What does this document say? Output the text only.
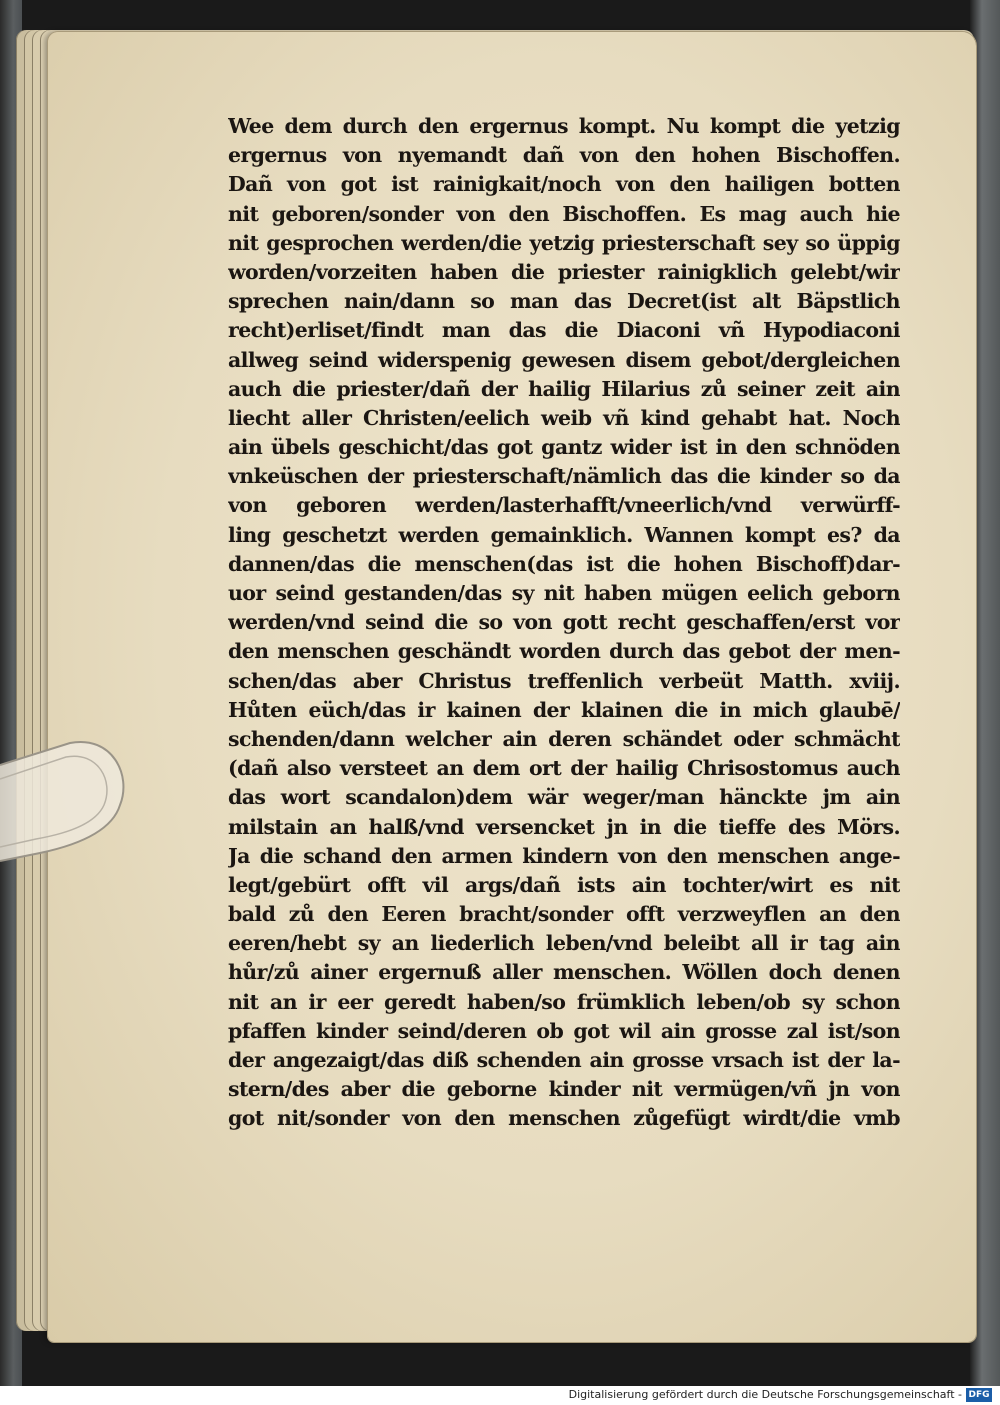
Wee dem durch den ergernus kompt. Nu kompt die yetzig
ergernus von nyemandt dañ von den hohen Bischoffen.
Dañ von got ist rainigkait/noch von den hailigen botten
nit geboren/sonder von den Bischoffen. Es mag auch hie
nit gesprochen werden/die yetzig priesterschaft sey so üppig
worden/vorzeiten haben die priester rainigklich gelebt/wir
sprechen nain/dann so man das Decret(ist alt Bäpstlich
recht)erliset/findt man das die Diaconi vñ Hypodiaconi
allweg seind widerspenig gewesen disem gebot/dergleichen
auch die priester/dañ der hailig Hilarius zů seiner zeit ain
liecht aller Christen/eelich weib vñ kind gehabt hat. Noch
ain übels geschicht/das got gantz wider ist in den schnöden
vnkeüschen der priesterschaft/nämlich das die kinder so da
von geboren werden/lasterhafft/vneerlich/vnd verwürff-
ling geschetzt werden gemainklich. Wannen kompt es? da
dannen/das die menschen(das ist die hohen Bischoff)dar-
uor seind gestanden/das sy nit haben mügen eelich geborn
werden/vnd seind die so von gott recht geschaffen/erst vor
den menschen geschändt worden durch das gebot der men-
schen/das aber Christus treffenlich verbeüt Matth. xviij.
Hůten eüch/das ir kainen der klainen die in mich glaubē/
schenden/dann welcher ain deren schändet oder schmächt
(dañ also versteet an dem ort der hailig Chrisostomus auch
das wort scandalon)dem wär weger/man hänckte jm ain
milstain an halß/vnd versencket jn in die tieffe des Mörs.
Ja die schand den armen kindern von den menschen ange-
legt/gebürt offt vil args/dañ ists ain tochter/wirt es nit
bald zů den Eeren bracht/sonder offt verzweyflen an den
eeren/hebt sy an liederlich leben/vnd beleibt all ir tag ain
hůr/zů ainer ergernuß aller menschen. Wöllen doch denen
nit an ir eer geredt haben/so frümklich leben/ob sy schon
pfaffen kinder seind/deren ob got wil ain grosse zal ist/son
der angezaigt/das diß schenden ain grosse vrsach ist der la-
stern/des aber die geborne kinder nit vermügen/vñ jn von
got nit/sonder von den menschen zůgefügt wirdt/die vmb
Digitalisierung gefördert durch die Deutsche Forschungsgemeinschaft - DFG
